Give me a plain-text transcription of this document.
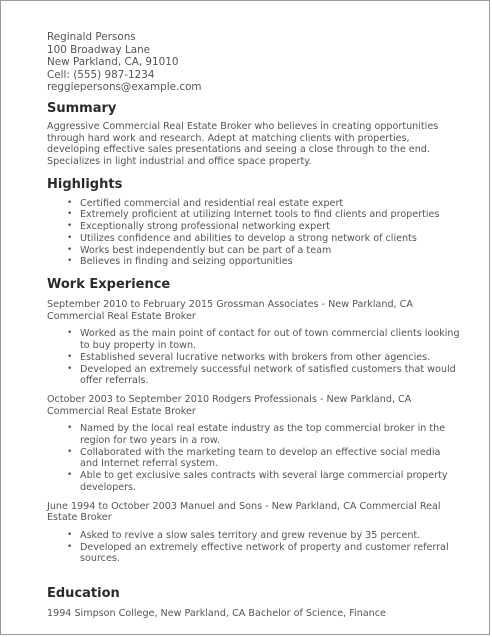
Reginald Persons
100 Broadway Lane
New Parkland, CA, 91010
Cell: (555) 987-1234
reggiepersons@example.com
Summary

Aggressive Commercial Real Estate Broker who believes in creating opportunities through hard work and research. Adept at matching clients with properties, developing effective sales presentations and seeing a close through to the end. Specializes in light industrial and office space property.

Highlights
• Certified commercial and residential real estate expert
• Extremely proficient at utilizing Internet tools to find clients and properties
• Exceptionally strong professional networking expert
• Utilizes confidence and abilities to develop a strong network of clients
• Works best independently but can be part of a team
• Believes in finding and seizing opportunities
Work Experience

September 2010 to February 2015 Grossman Associates - New Parkland, CA Commercial Real Estate Broker

• Worked as the main point of contact for out of town commercial clients looking to buy property in town.
• Established several lucrative networks with brokers from other agencies.
• Developed an extremely successful network of satisfied customers that would offer referrals.

October 2003 to September 2010 Rodgers Professionals - New Parkland, CA Commercial Real Estate Broker

• Named by the local real estate industry as the top commercial broker in the region for two years in a row.
• Collaborated with the marketing team to develop an effective social media and Internet referral system.
• Able to get exclusive sales contracts with several large commercial property developers.

June 1994 to October 2003 Manuel and Sons - New Parkland, CA Commercial Real Estate Broker

• Asked to revive a slow sales territory and grew revenue by 35 percent.
• Developed an extremely effective network of property and customer referral sources.
Education

1994 Simpson College, New Parkland, CA Bachelor of Science, Finance
